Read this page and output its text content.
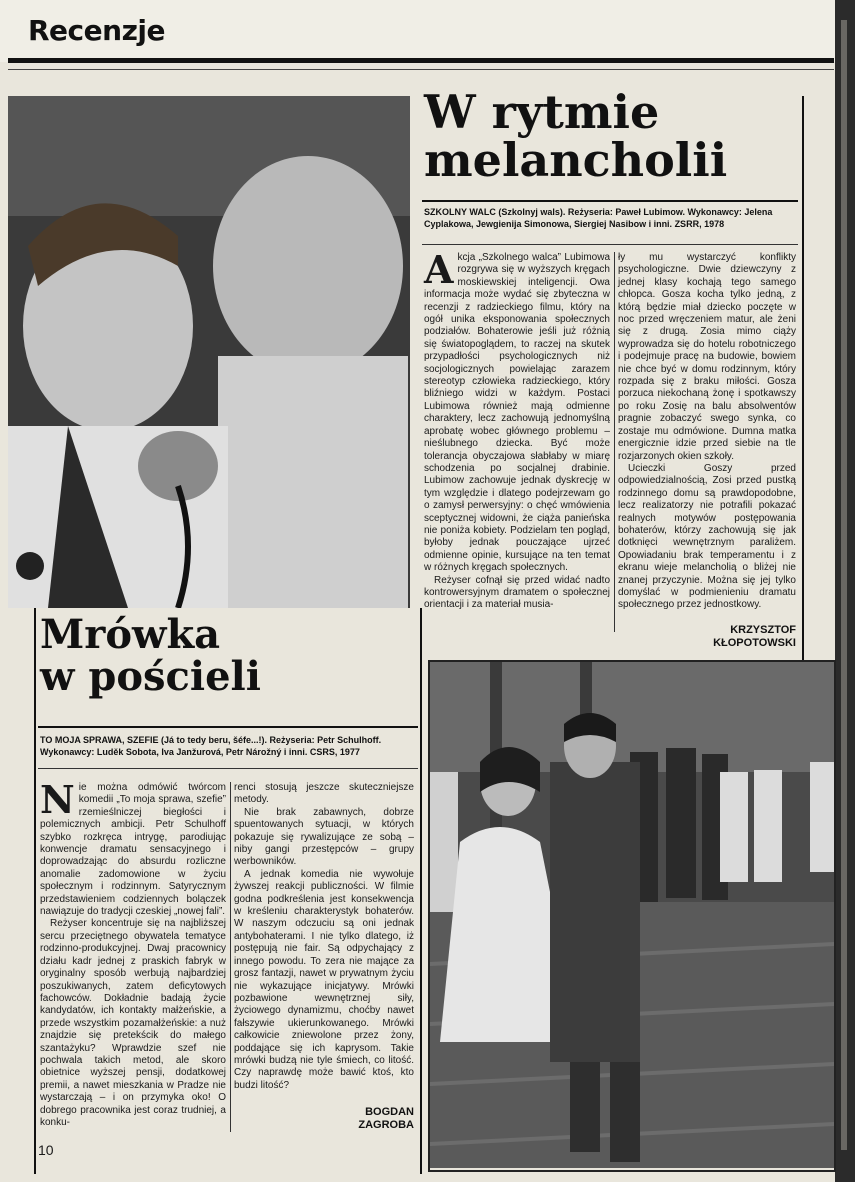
Recenzje
W rytmie
melancholii
SZKOLNY WALC (Szkolnyj wals). Reżyseria: Paweł Lubimow. Wykonawcy: Jelena Cyplakowa, Jewgienija Simonowa, Siergiej Nasibow i inni. ZSRR, 1978

Akcja „Szkolnego walca” Lubimowa rozgrywa się w wyższych kręgach moskiewskiej inteligencji. Owa informacja może wydać się zbyteczna w recenzji z radzieckiego filmu, który na ogół unika eksponowania społecznych podziałów. Bohaterowie jeśli już różnią się światopoglądem, to raczej na skutek przypadłości psychologicznych niż socjologicznych powielając zarazem stereotyp człowieka radzieckiego, który bliźniego widzi w każdym. Postaci Lubimowa również mają odmienne charaktery, lecz zachowują jednomyślną aprobatę wobec głównego problemu – nieślubnego dziecka. Być może tolerancja obyczajowa słabłaby w miarę schodzenia po socjalnej drabinie. Lubimow zachowuje jednak dyskrecję w tym względzie i dlatego podejrzewam go o zamysł perwersyjny: o chęć wmówienia sceptycznej widowni, że ciąża panieńska nie poniża kobiety. Podzielam ten pogląd, byłoby jednak pouczające ujrzeć odmienne opinie, kursujące na ten temat w różnych kręgach społecznych.

Reżyser cofnął się przed widać nadto kontrowersyjnym dramatem o społecznej orientacji i za materiał musia-

ły mu wystarczyć konflikty psychologiczne. Dwie dziewczyny z jednej klasy kochają tego samego chłopca. Gosza kocha tylko jedną, z którą będzie miał dziecko poczęte w noc przed wręczeniem matur, ale żeni się z drugą. Zosia mimo ciąży wyprowadza się do hotelu robotniczego i podejmuje pracę na budowie, bowiem nie chce być w domu rodzinnym, który rozpada się z braku miłości. Gosza porzuca niekochaną żonę i spotkawszy po roku Zosię na balu absolwentów pragnie zobaczyć swego synka, co zostaje mu odmówione. Dumna matka energicznie idzie przed siebie na tle rozjarzonych okien szkoły.

Ucieczki Goszy przed odpowiedzialnością, Zosi przed pustką rodzinnego domu są prawdopodobne, lecz realizatorzy nie potrafili pokazać realnych motywów postępowania bohaterów, którzy zachowują się jak dotknięci wewnętrznym paraliżem. Opowiadaniu brak temperamentu i z ekranu wieje melancholią o bliżej nie znanej przyczynie. Można się jej tylko domyślać w podmienieniu dramatu społecznego przez jednostkowy.

KRZYSZTOF
KŁOPOTOWSKI
Mrówka
w pościeli
TO MOJA SPRAWA, SZEFIE (Já to tedy beru, šéfe...!). Reżyseria: Petr Schulhoff. Wykonawcy: Luděk Sobota, Iva Janžurová, Petr Nárožný i inni. CSRS, 1977

Nie można odmówić twórcom komedii „To moja sprawa, szefie” rzemieślniczej biegłości i polemicznych ambicji. Petr Schulhoff szybko rozkręca intrygę, parodiując konwencje dramatu sensacyjnego i doprowadzając do absurdu rozliczne anomalie zadomowione w życiu społecznym i rodzinnym. Satyrycznym przedstawieniem codziennych bolączek nawiązuje do tradycji czeskiej „nowej fali”.

Reżyser koncentruje się na najbliższej sercu przeciętnego obywatela tematyce rodzinno-produkcyjnej. Dwaj pracownicy działu kadr jednej z praskich fabryk w oryginalny sposób werbują najbardziej poszukiwanych, zatem deficytowych fachowców. Dokładnie badają życie kandydatów, ich kontakty małżeńskie, a przede wszystkim pozamałżeńskie: a nuż znajdzie się pretekścik do małego szantażyku? Wprawdzie szef nie pochwala takich metod, ale skoro obietnice wyższej pensji, dodatkowej premii, a nawet mieszkania w Pradze nie wystarczają – i on przymyka oko! O dobrego pracownika jest coraz trudniej, a konku-

renci stosują jeszcze skuteczniejsze metody.

Nie brak zabawnych, dobrze spuentowanych sytuacji, w których pokazuje się rywalizujące ze sobą – niby gangi przestępców – grupy werbowników.

A jednak komedia nie wywołuje żywszej reakcji publiczności. W filmie godna podkreślenia jest konsekwencja w kreśleniu charakterystyk bohaterów. W naszym odczuciu są oni jednak antybohaterami. I nie tylko dlatego, iż postępują nie fair. Są odpychający z innego powodu. To zera nie mające za grosz fantazji, nawet w prywatnym życiu nie wykazujące inicjatywy. Mrówki pozbawione wewnętrznej siły, życiowego dynamizmu, choćby nawet fałszywie ukierunkowanego. Mrówki całkowicie zniewolone przez żony, poddające się ich kaprysom. Takie mrówki budzą nie tyle śmiech, co litość. Czy naprawdę może bawić ktoś, kto budzi litość?

BOGDAN
ZAGROBA
10
